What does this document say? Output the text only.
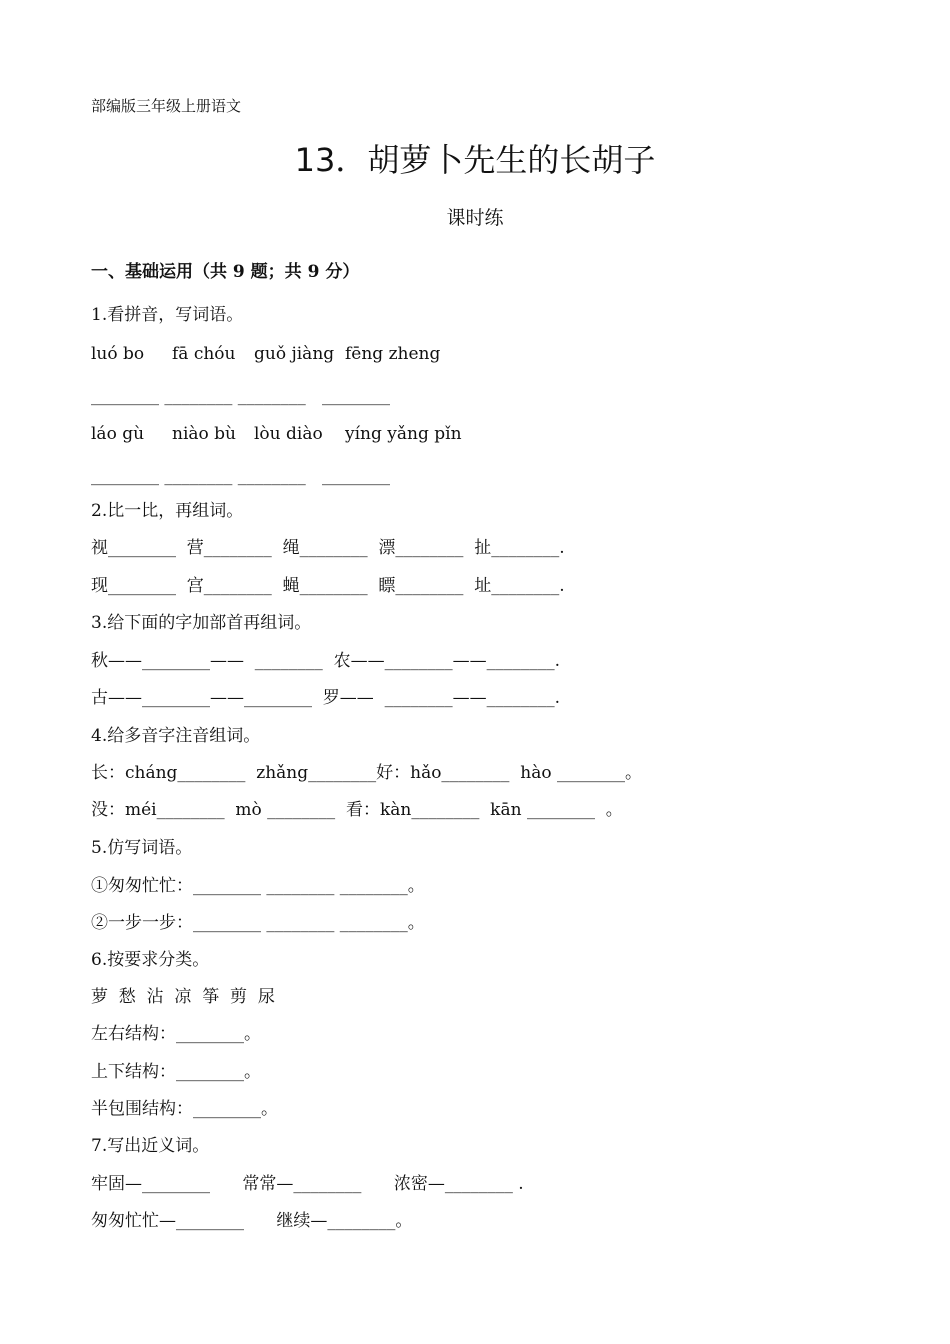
部编版三年级上册语文
13．胡萝卜先生的长胡子
课时练
一、基础运用（共 9 题；共 9 分）
1.看拼音，写词语。
luó bo fā chóu guǒ jiàng fēng zheng
________ ________ ________   ________
láo gù niào bù lòu diào yíng yǎng pǐn
________ ________ ________   ________
2.比一比，再组词。
视________  营________  绳________  漂________  扯________.
现________  宫________  蝇________  瞟________  址________.
3.给下面的字加部首再组词。
秋——________——  ________  农——________——________.
古——________——________  罗——  ________——________.
4.给多音字注音组词。
长：cháng________  zhǎng________好：hǎo________  hào ________。
没：méi________  mò ________  看：kàn________  kān ________  。
5.仿写词语。
①匆匆忙忙：________ ________ ________。
②一步一步：________ ________ ________。
6.按要求分类。
萝  愁  沾  凉  筝  剪  尿
左右结构：________。
上下结构：________。
半包围结构：________。
7.写出近义词。
牢固—________      常常—________      浓密—________ .
匆匆忙忙—________      继续—________。
